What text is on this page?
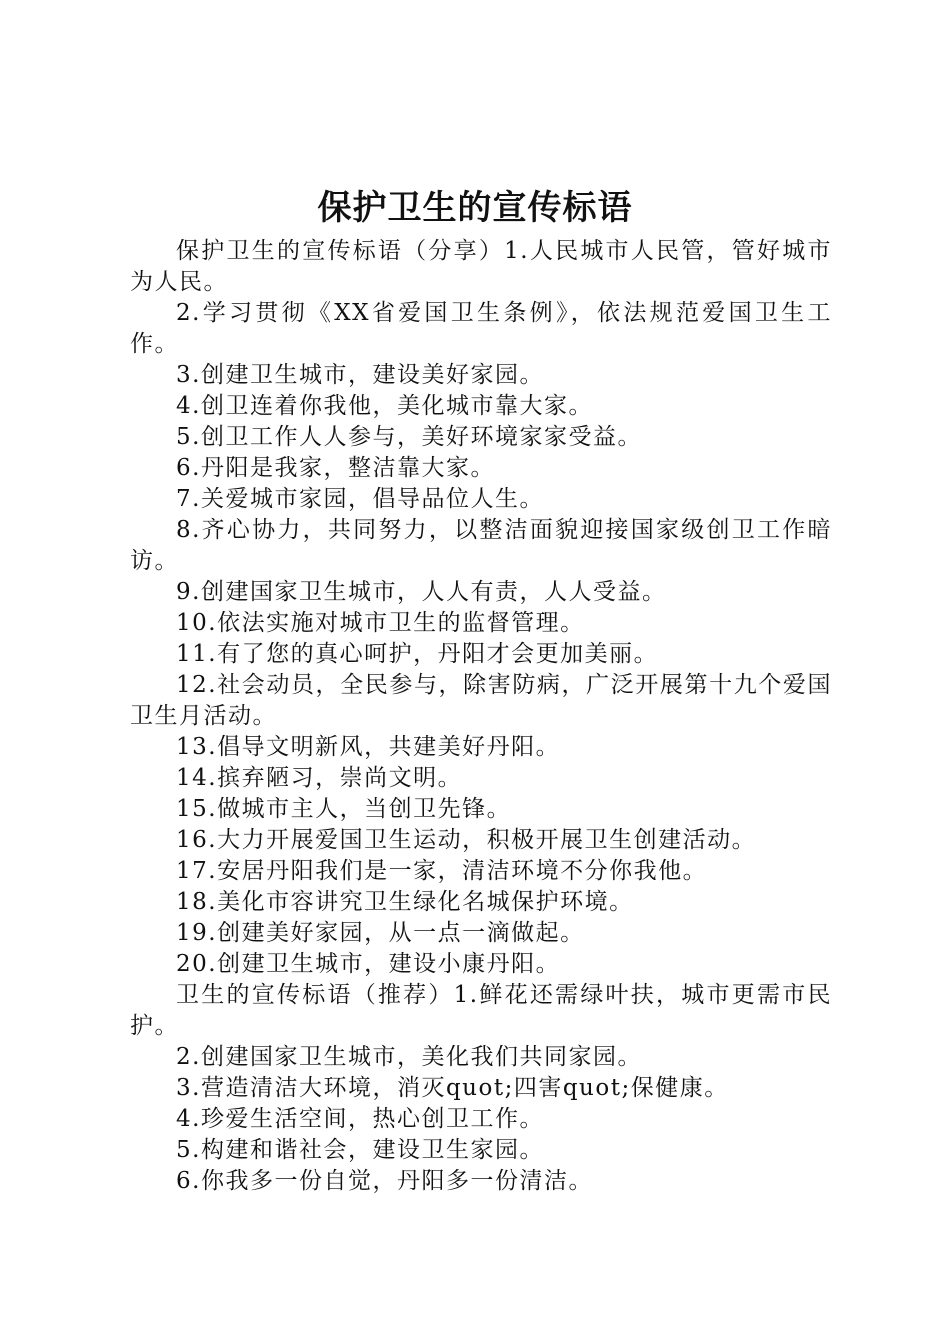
保护卫生的宣传标语

保护卫生的宣传标语（分享）1.人民城市人民管，管好城市为人民。

2.学习贯彻《XX省爱国卫生条例》，依法规范爱国卫生工作。

3.创建卫生城市，建设美好家园。

4.创卫连着你我他，美化城市靠大家。

5.创卫工作人人参与，美好环境家家受益。

6.丹阳是我家，整洁靠大家。

7.关爱城市家园，倡导品位人生。

8.齐心协力，共同努力，以整洁面貌迎接国家级创卫工作暗访。

9.创建国家卫生城市，人人有责，人人受益。

10.依法实施对城市卫生的监督管理。

11.有了您的真心呵护，丹阳才会更加美丽。

12.社会动员，全民参与，除害防病，广泛开展第十九个爱国卫生月活动。

13.倡导文明新风，共建美好丹阳。

14.摈弃陋习，崇尚文明。

15.做城市主人，当创卫先锋。

16.大力开展爱国卫生运动，积极开展卫生创建活动。

17.安居丹阳我们是一家，清洁环境不分你我他。

18.美化市容讲究卫生绿化名城保护环境。

19.创建美好家园，从一点一滴做起。

20.创建卫生城市，建设小康丹阳。

卫生的宣传标语（推荐）1.鲜花还需绿叶扶，城市更需市民护。

2.创建国家卫生城市，美化我们共同家园。

3.营造清洁大环境，消灭quot;四害quot;保健康。

4.珍爱生活空间，热心创卫工作。

5.构建和谐社会，建设卫生家园。

6.你我多一份自觉，丹阳多一份清洁。
